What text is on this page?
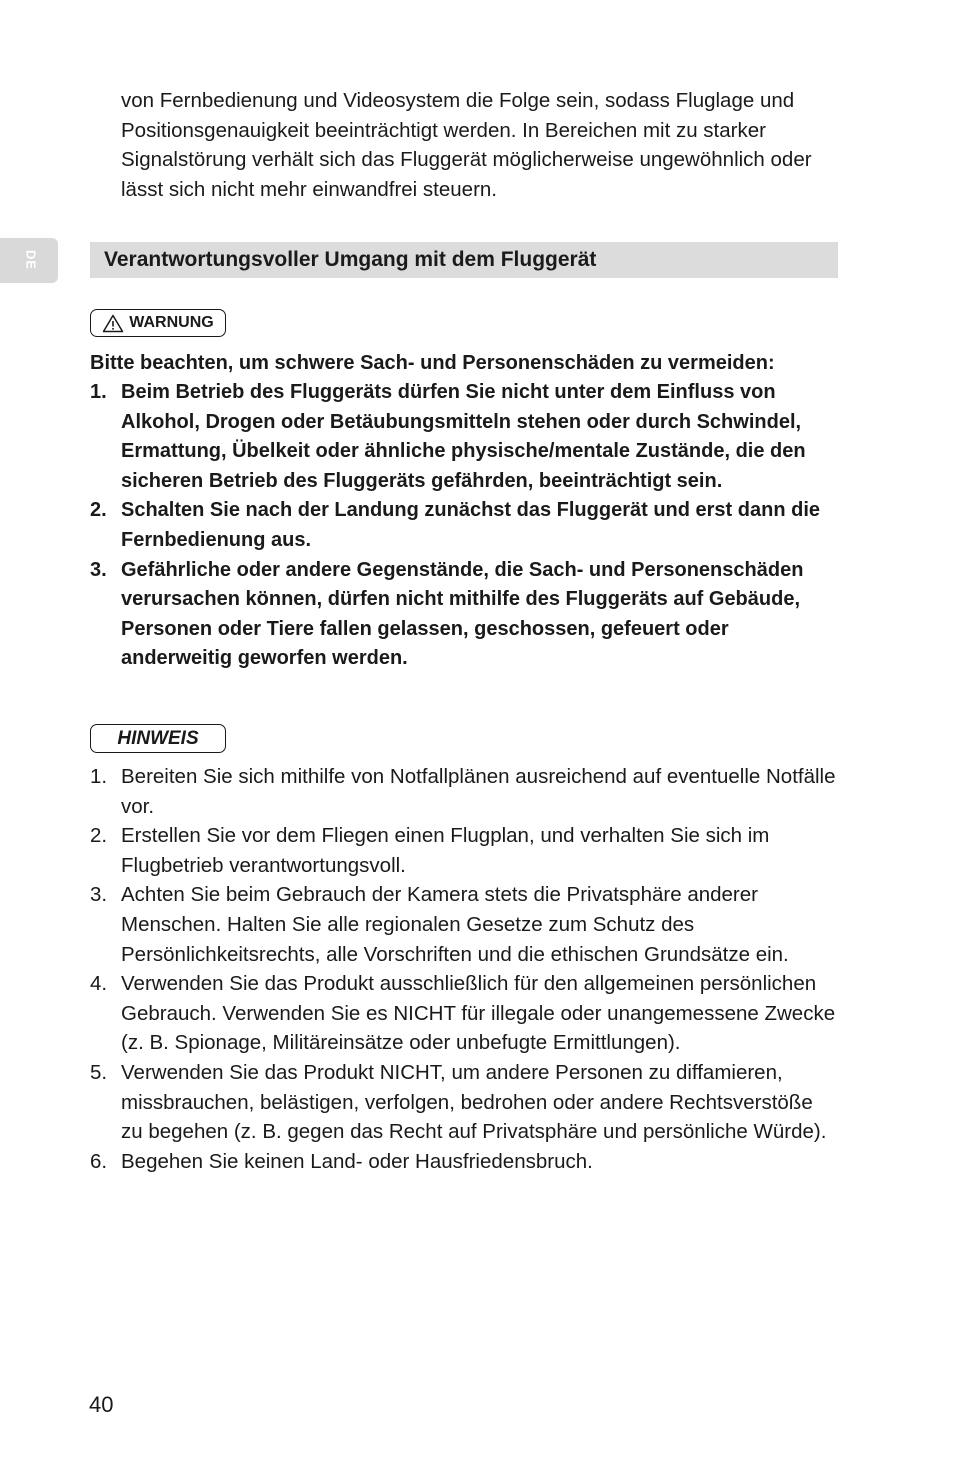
DE

von Fernbedienung und Videosystem die Folge sein, sodass Fluglage und Positionsgenauigkeit beeinträchtigt werden. In Bereichen mit zu starker Signalstörung verhält sich das Fluggerät möglicherweise ungewöhnlich oder lässt sich nicht mehr einwandfrei steuern.

Verantwortungsvoller Umgang mit dem Fluggerät
WARNUNG

Bitte beachten, um schwere Sach- und Personenschäden zu vermeiden:

1. Beim Betrieb des Fluggeräts dürfen Sie nicht unter dem Einfluss von Alkohol, Drogen oder Betäubungsmitteln stehen oder durch Schwindel, Ermattung, Übelkeit oder ähnliche physische/mentale Zustände, die den sicheren Betrieb des Fluggeräts gefährden, beeinträchtigt sein.
2. Schalten Sie nach der Landung zunächst das Fluggerät und erst dann die Fernbedienung aus.
3. Gefährliche oder andere Gegenstände, die Sach- und Personenschäden verursachen können, dürfen nicht mithilfe des Fluggeräts auf Gebäude, Personen oder Tiere fallen gelassen, geschossen, gefeuert oder anderweitig geworfen werden.
HINWEIS
1. Bereiten Sie sich mithilfe von Notfallplänen ausreichend auf eventuelle Notfälle vor.
2. Erstellen Sie vor dem Fliegen einen Flugplan, und verhalten Sie sich im Flugbetrieb verantwortungsvoll.
3. Achten Sie beim Gebrauch der Kamera stets die Privatsphäre anderer Menschen. Halten Sie alle regionalen Gesetze zum Schutz des Persönlichkeitsrechts, alle Vorschriften und die ethischen Grundsätze ein.
4. Verwenden Sie das Produkt ausschließlich für den allgemeinen persönlichen Gebrauch. Verwenden Sie es NICHT für illegale oder unangemessene Zwecke (z. B. Spionage, Militäreinsätze oder unbefugte Ermittlungen).
5. Verwenden Sie das Produkt NICHT, um andere Personen zu diffamieren, missbrauchen, belästigen, verfolgen, bedrohen oder andere Rechtsverstöße zu begehen (z. B. gegen das Recht auf Privatsphäre und persönliche Würde).
6. Begehen Sie keinen Land- oder Hausfriedensbruch.
40
